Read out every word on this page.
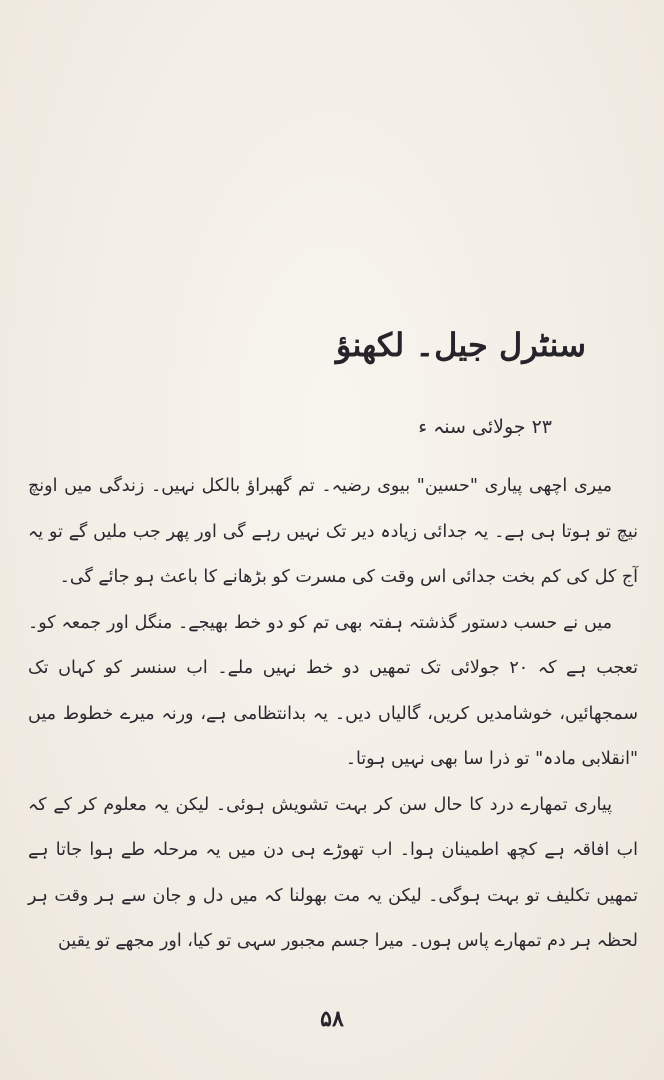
سنٹرل جیل۔ لکھنؤ
۲۳ جولائی سنہ ء

میری اچھی پیاری "حسین" بیوی رضیہ۔ تم گھبراؤ بالکل نہیں۔ زندگی میں اونچ نیچ تو ہوتا ہی ہے۔ یہ جدائی زیادہ دیر تک نہیں رہے گی اور پھر جب ملیں گے تو یہ آج کل کی کم بخت جدائی اس وقت کی مسرت کو بڑھانے کا باعث ہو جائے گی۔

میں نے حسب دستور گذشتہ ہفتہ بھی تم کو دو خط بھیجے۔ منگل اور جمعہ کو۔ تعجب ہے کہ ۲۰ جولائی تک تمھیں دو خط نہیں ملے۔ اب سنسر کو کہاں تک سمجھائیں، خوشامدیں کریں، گالیاں دیں۔ یہ بدانتظامی ہے، ورنہ میرے خطوط میں "انقلابی مادہ" تو ذرا سا بھی نہیں ہوتا۔

پیاری تمھارے درد کا حال سن کر بہت تشویش ہوئی۔ لیکن یہ معلوم کر کے کہ اب افاقہ ہے کچھ اطمینان ہوا۔ اب تھوڑے ہی دن میں یہ مرحلہ طے ہوا جاتا ہے تمھیں تکلیف تو بہت ہوگی۔ لیکن یہ مت بھولنا کہ میں دل و جان سے ہر وقت ہر لحظہ ہر دم تمھارے پاس ہوں۔ میرا جسم مجبور سہی تو کیا، اور مجھے تو یقین

۵۸
